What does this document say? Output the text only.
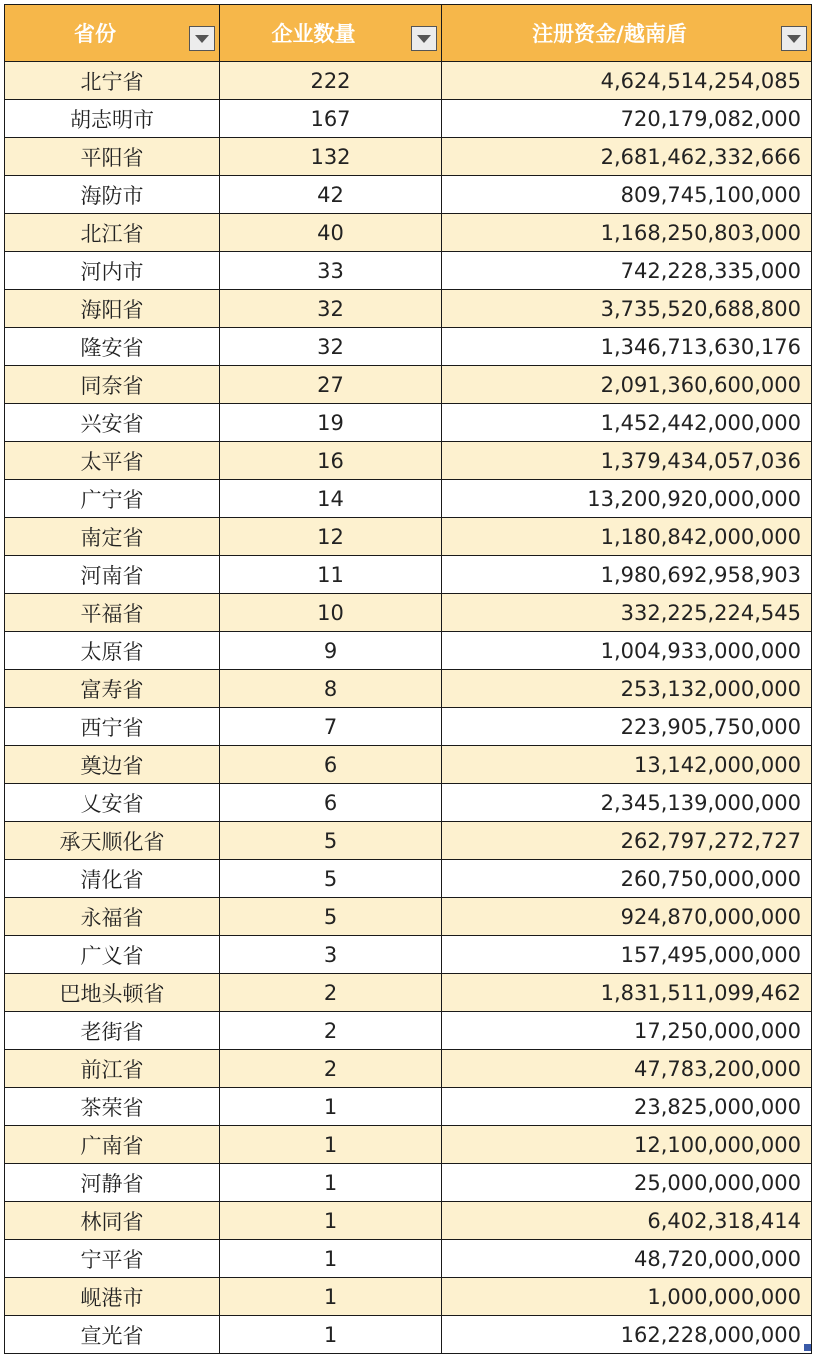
省份	企业数量	注册资金/越南盾

北宁省	222	4,624,514,254,085
胡志明市	167	720,179,082,000
平阳省	132	2,681,462,332,666
海防市	42	809,745,100,000
北江省	40	1,168,250,803,000
河内市	33	742,228,335,000
海阳省	32	3,735,520,688,800
隆安省	32	1,346,713,630,176
同奈省	27	2,091,360,600,000
兴安省	19	1,452,442,000,000
太平省	16	1,379,434,057,036
广宁省	14	13,200,920,000,000
南定省	12	1,180,842,000,000
河南省	11	1,980,692,958,903
平福省	10	332,225,224,545
太原省	9	1,004,933,000,000
富寿省	8	253,132,000,000
西宁省	7	223,905,750,000
奠边省	6	13,142,000,000
乂安省	6	2,345,139,000,000
承天顺化省	5	262,797,272,727
清化省	5	260,750,000,000
永福省	5	924,870,000,000
广义省	3	157,495,000,000
巴地头顿省	2	1,831,511,099,462
老街省	2	17,250,000,000
前江省	2	47,783,200,000
茶荣省	1	23,825,000,000
广南省	1	12,100,000,000
河静省	1	25,000,000,000
林同省	1	6,402,318,414
宁平省	1	48,720,000,000
岘港市	1	1,000,000,000
宣光省	1	162,228,000,000
